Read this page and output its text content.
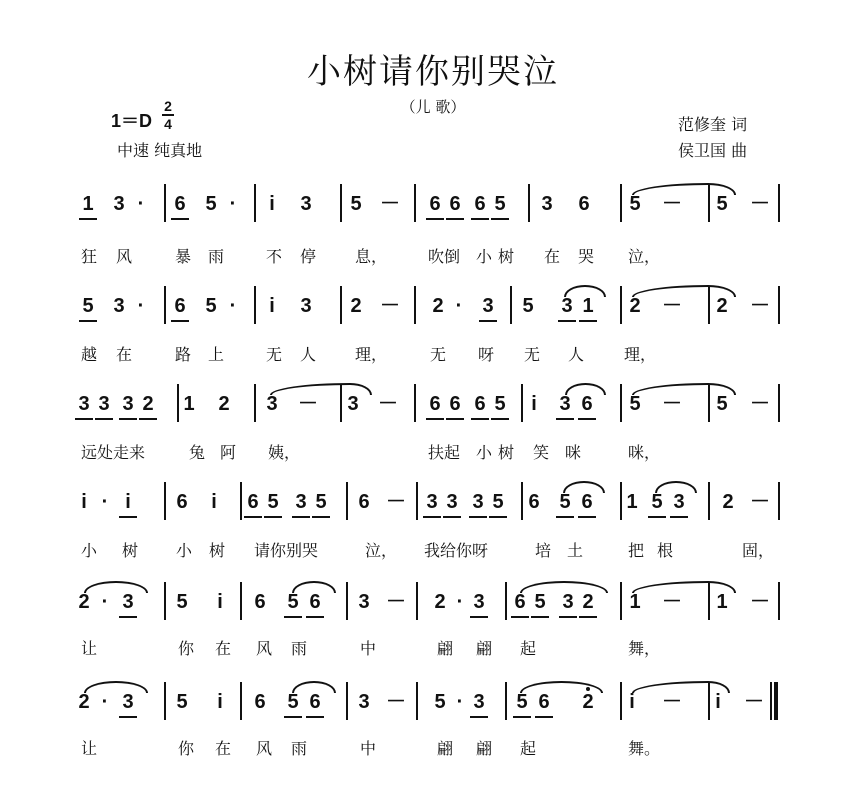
小树请你别哭泣
（儿 歌）
1＝D
2
4
中速 纯真地
范修奎 词
侯卫国 曲
1 3 ·	6 5 ·	i	3 5 － 6 6 6 5 3 6 5 － 5 －
狂 风	暴 雨	不 停 息，	吹倒 小 树 在 哭 泣，
5 3 ·	6 5 ·	i	3 2 － 2 ·	3 5 3 1 2 － 2 －
越 在	路 上	无 人 理，	无 呀 无 人 理，
3 3 3 2 1 2 3 － 3 － 6 6 6 5	i	3 6 5 － 5 －
远处走来	兔 阿 姨，	扶起 小 树 笑 咪	咪，
i · i	6	i	6 5 3 5 6 － 3 3 3 5 6 5 6 1 5 3 2 －
小 树 小 树 请你别哭	泣， 我给你呀	培 土	把 根	固，
2 · 3 5	i	6 5 6 3 － 2 · 3 6 5 3 2 1 － 1 －
让	你 在 风 雨	中	翩 翩 起	舞，
2 · 3 5	i	6 5 6 3 － 5 · 3 5 6 2	i	－	i	－
让	你 在 风 雨	中	翩 翩 起	舞。
